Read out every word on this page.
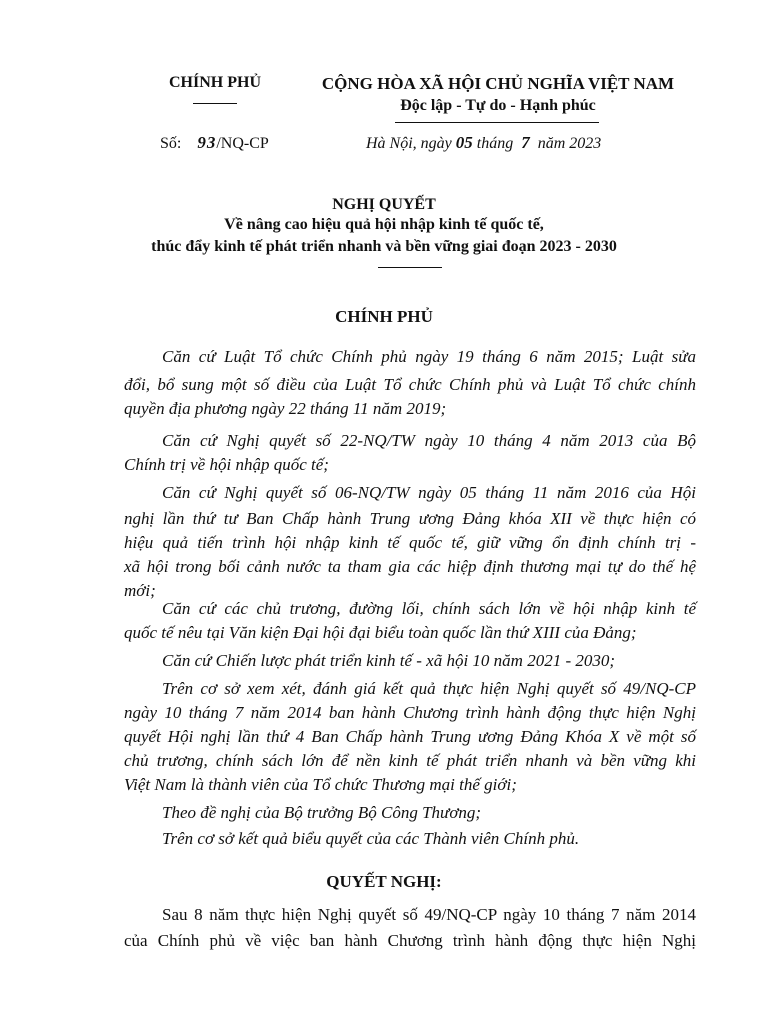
CHÍNH PHỦ
Số: 93/NQ-CP
CỘNG HÒA XÃ HỘI CHỦ NGHĨA VIỆT NAM
Độc lập - Tự do - Hạnh phúc
Hà Nội, ngày 05 tháng 7 năm 2023
NGHỊ QUYẾT
Về nâng cao hiệu quả hội nhập kinh tế quốc tế,
thúc đẩy kinh tế phát triển nhanh và bền vững giai đoạn 2023 - 2030
CHÍNH PHỦ
Căn cứ Luật Tổ chức Chính phủ ngày 19 tháng 6 năm 2015; Luật sửa
đổi, bổ sung một số điều của Luật Tổ chức Chính phủ và Luật Tổ chức chính
quyền địa phương ngày 22 tháng 11 năm 2019;
Căn cứ Nghị quyết số 22-NQ/TW ngày 10 tháng 4 năm 2013 của Bộ
Chính trị về hội nhập quốc tế;
Căn cứ Nghị quyết số 06-NQ/TW ngày 05 tháng 11 năm 2016 của Hội
nghị lần thứ tư Ban Chấp hành Trung ương Đảng khóa XII về thực hiện có
hiệu quả tiến trình hội nhập kinh tế quốc tế, giữ vững ổn định chính trị -
xã hội trong bối cảnh nước ta tham gia các hiệp định thương mại tự do thế hệ
mới;
Căn cứ các chủ trương, đường lối, chính sách lớn về hội nhập kinh tế
quốc tế nêu tại Văn kiện Đại hội đại biểu toàn quốc lần thứ XIII của Đảng;
Căn cứ Chiến lược phát triển kinh tế - xã hội 10 năm 2021 - 2030;
Trên cơ sở xem xét, đánh giá kết quả thực hiện Nghị quyết số 49/NQ-CP
ngày 10 tháng 7 năm 2014 ban hành Chương trình hành động thực hiện Nghị
quyết Hội nghị lần thứ 4 Ban Chấp hành Trung ương Đảng Khóa X về một số
chủ trương, chính sách lớn để nền kinh tế phát triển nhanh và bền vững khi
Việt Nam là thành viên của Tổ chức Thương mại thế giới;
Theo đề nghị của Bộ trưởng Bộ Công Thương;
Trên cơ sở kết quả biểu quyết của các Thành viên Chính phủ.
QUYẾT NGHỊ:
Sau 8 năm thực hiện Nghị quyết số 49/NQ-CP ngày 10 tháng 7 năm 2014
của Chính phủ về việc ban hành Chương trình hành động thực hiện Nghị
